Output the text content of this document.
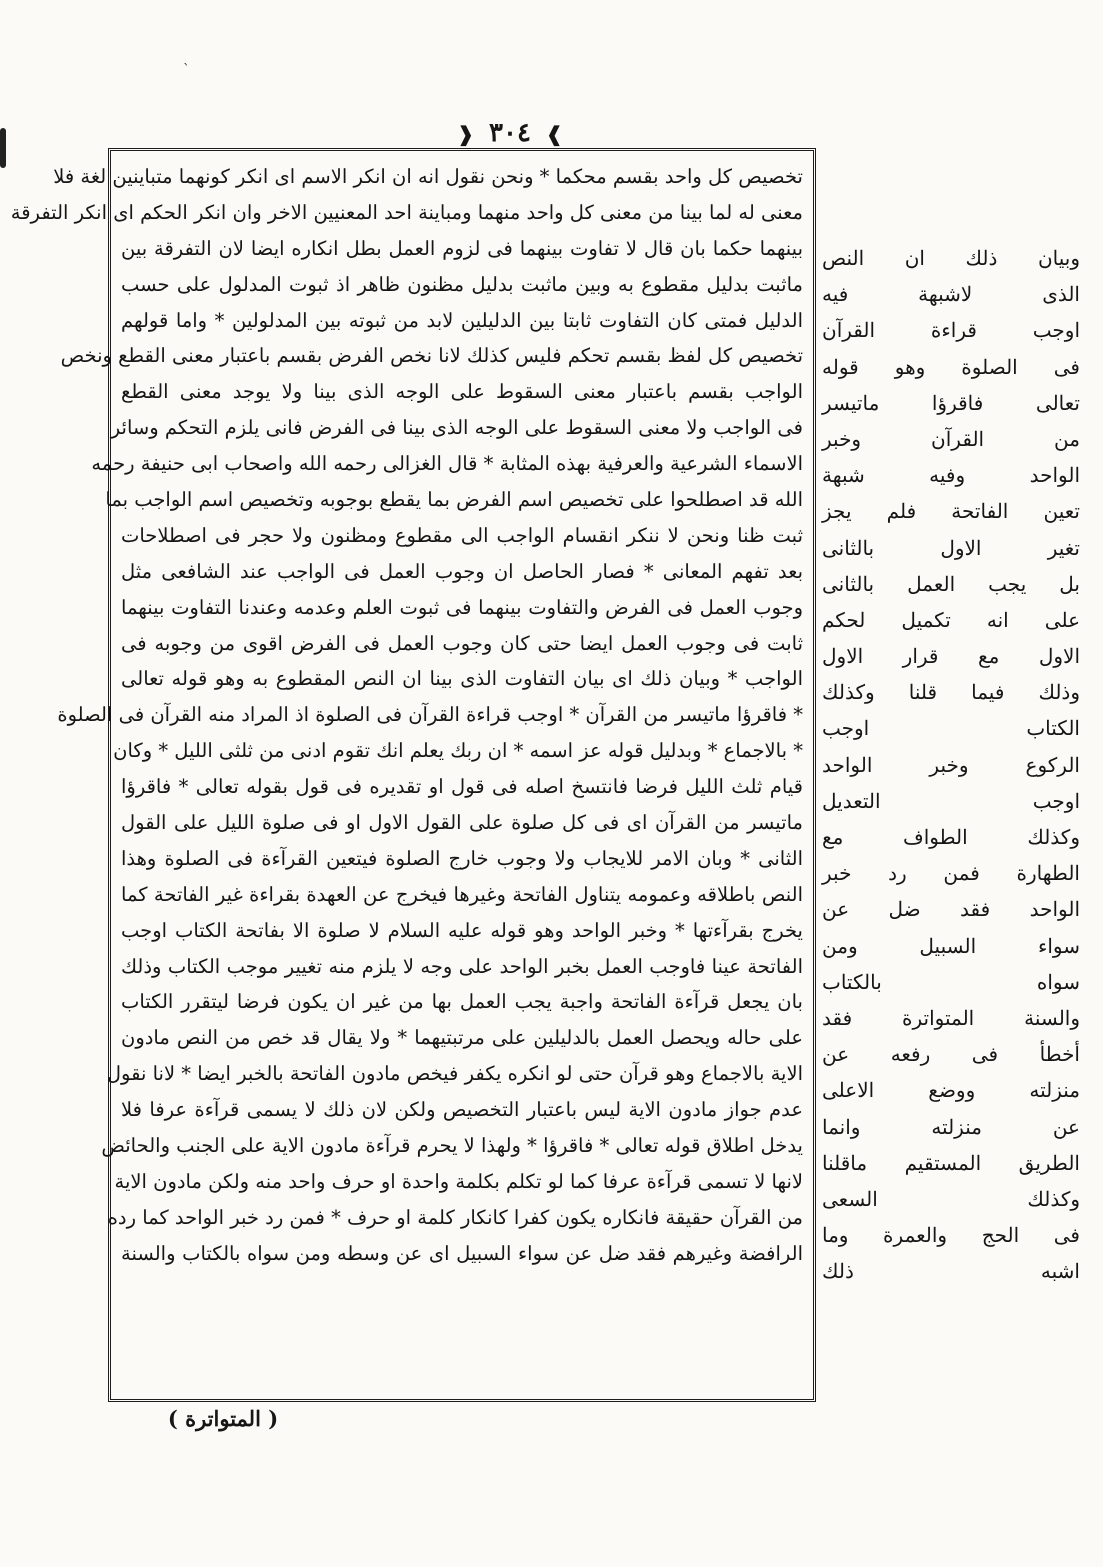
ˋ
❱ ٣٠٤ ❰
تخصيص كل واحد بقسم محكما * ونحن نقول انه ان انكر الاسم اى انكر كونهما متباينين لغة فلا
معنى له لما بينا من معنى كل واحد منهما ومباينة احد المعنيين الاخر وان انكر الحكم اى انكر التفرقة
بينهما حكما بان قال لا تفاوت بينهما فى لزوم العمل بطل انكاره ايضا لان التفرقة بين
ماثبت بدليل مقطوع به وبين ماثبت بدليل مظنون ظاهر اذ ثبوت المدلول على حسب
الدليل فمتى كان التفاوت ثابتا بين الدليلين لابد من ثبوته بين المدلولين * واما قولهم
تخصيص كل لفظ بقسم تحكم فليس كذلك لانا نخص الفرض بقسم باعتبار معنى القطع ونخص
الواجب بقسم باعتبار معنى السقوط على الوجه الذى بينا ولا يوجد معنى القطع
فى الواجب ولا معنى السقوط على الوجه الذى بينا فى الفرض فانى يلزم التحكم وسائر
الاسماء الشرعية والعرفية بهذه المثابة * قال الغزالى رحمه الله واصحاب ابى حنيفة رحمه
الله قد اصطلحوا على تخصيص اسم الفرض بما يقطع بوجوبه وتخصيص اسم الواجب بما
ثبت ظنا ونحن لا ننكر انقسام الواجب الى مقطوع ومظنون ولا حجر فى اصطلاحات
بعد تفهم المعانى * فصار الحاصل ان وجوب العمل فى الواجب عند الشافعى مثل
وجوب العمل فى الفرض والتفاوت بينهما فى ثبوت العلم وعدمه وعندنا التفاوت بينهما
ثابت فى وجوب العمل ايضا حتى كان وجوب العمل فى الفرض اقوى من وجوبه فى
الواجب * وبيان ذلك اى بيان التفاوت الذى بينا ان النص المقطوع به وهو قوله تعالى
* فاقرؤا ماتيسر من القرآن * اوجب قراءة القرآن فى الصلوة اذ المراد منه القرآن فى الصلوة
* بالاجماع * وبدليل قوله عز اسمه * ان ربك يعلم انك تقوم ادنى من ثلثى الليل * وكان
قيام ثلث الليل فرضا فانتسخ اصله فى قول او تقديره فى قول بقوله تعالى * فاقرؤا
ماتيسر من القرآن اى فى كل صلوة على القول الاول او فى صلوة الليل على القول
الثانى * وبان الامر للايجاب ولا وجوب خارج الصلوة فيتعين القرآءة فى الصلوة وهذا
النص باطلاقه وعمومه يتناول الفاتحة وغيرها فيخرج عن العهدة بقراءة غير الفاتحة كما
يخرج بقرآءتها * وخبر الواحد وهو قوله عليه السلام لا صلوة الا بفاتحة الكتاب اوجب
الفاتحة عينا فاوجب العمل بخبر الواحد على وجه لا يلزم منه تغيير موجب الكتاب وذلك
بان يجعل قرآءة الفاتحة واجبة يجب العمل بها من غير ان يكون فرضا ليتقرر الكتاب
على حاله ويحصل العمل بالدليلين على مرتبتيهما * ولا يقال قد خص من النص مادون
الاية بالاجماع وهو قرآن حتى لو انكره يكفر فيخص مادون الفاتحة بالخبر ايضا * لانا نقول
عدم جواز مادون الاية ليس باعتبار التخصيص ولكن لان ذلك لا يسمى قرآءة عرفا فلا
يدخل اطلاق قوله تعالى * فاقرؤا * ولهذا لا يحرم قرآءة مادون الاية على الجنب والحائض
لانها لا تسمى قرآءة عرفا كما لو تكلم بكلمة واحدة او حرف واحد منه ولكن مادون الاية
من القرآن حقيقة فانكاره يكون كفرا كانكار كلمة او حرف * فمن رد خبر الواحد كما رده
الرافضة وغيرهم فقد ضل عن سواء السبيل اى عن وسطه ومن سواه بالكتاب والسنة
وبيان ذلك ان النص
الذى لاشبهة فيه
اوجب قراءة القرآن
فى الصلوة وهو قوله
تعالى فاقرؤا ماتيسر
من القرآن وخبر
الواحد وفيه شبهة
تعين الفاتحة فلم يجز
تغير الاول بالثانى
بل يجب العمل بالثانى
على انه تكميل لحكم
الاول مع قرار الاول
وذلك فيما قلنا وكذلك
الكتاب اوجب
الركوع وخبر الواحد
اوجب التعديل
وكذلك الطواف مع
الطهارة فمن رد خبر
الواحد فقد ضل عن
سواء السبيل ومن
سواه بالكتاب
والسنة المتواترة فقد
أخطأ فى رفعه عن
منزلته ووضع الاعلى
عن منزلته وانما
الطريق المستقيم ماقلنا
وكذلك السعى
فى الحج والعمرة وما
اشبه ذلك
( المتواترة )
